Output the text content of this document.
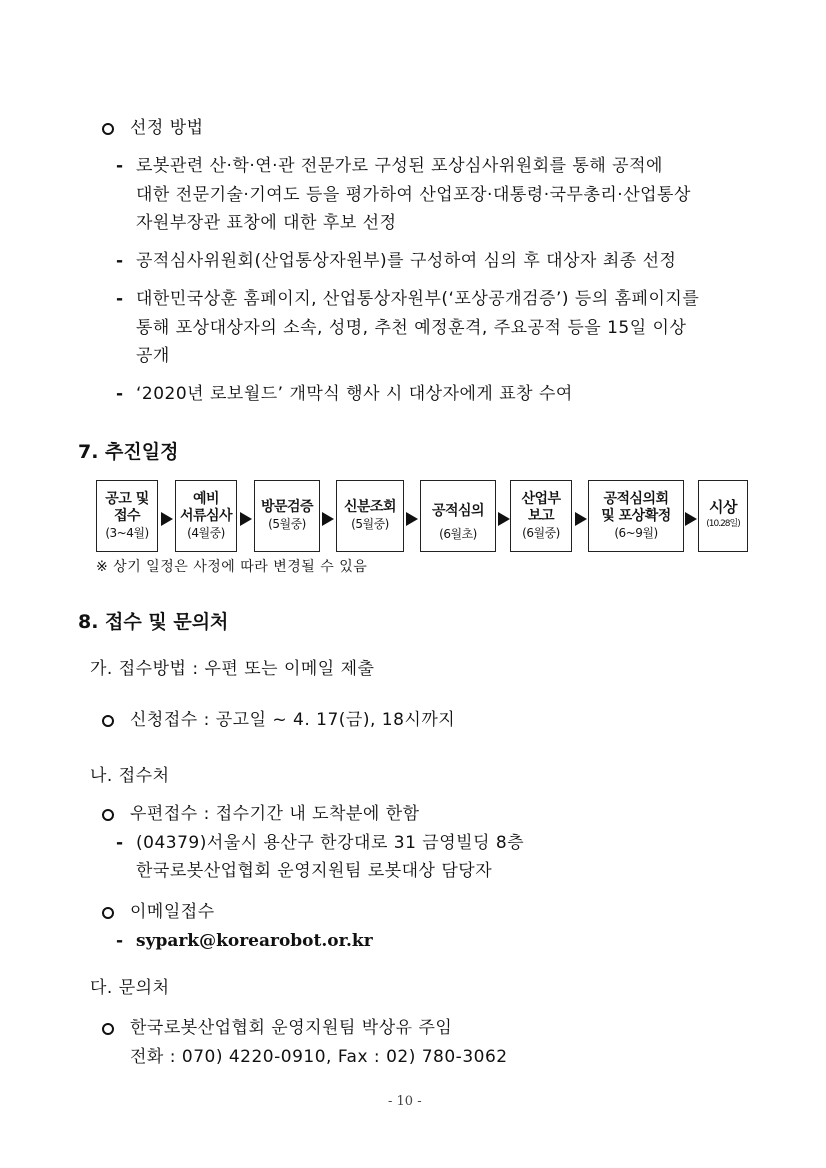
선정 방법
- 로봇관련 산·학·연·관 전문가로 구성된 포상심사위원회를 통해 공적에
대한 전문기술·기여도 등을 평가하여 산업포장·대통령·국무총리·산업통상
자원부장관 표창에 대한 후보 선정
- 공적심사위원회(산업통상자원부)를 구성하여 심의 후 대상자 최종 선정
- 대한민국상훈 홈페이지, 산업통상자원부(‘포상공개검증’) 등의 홈페이지를
통해 포상대상자의 소속, 성명, 추천 예정훈격, 주요공적 등을 15일 이상
공개
- ‘2020년 로보월드’ 개막식 행사 시 대상자에게 표창 수여
7. 추진일정
공고 및
접수
(3~4월)
예비
서류심사
(4월중)
방문검증
(5월중)
신분조회
(5월중)
공적심의
(6월초)
산업부
보고
(6월중)
공적심의회
및 포상확정
(6~9월)
시상
(10.28일)
※ 상기 일정은 사정에 따라 변경될 수 있음
8. 접수 및 문의처
가. 접수방법 : 우편 또는 이메일 제출
신청접수 : 공고일 ~ 4. 17(금), 18시까지
나. 접수처
우편접수 : 접수기간 내 도착분에 한함
- (04379)서울시 용산구 한강대로 31 금영빌딩 8층
한국로봇산업협회 운영지원팀 로봇대상 담당자
이메일접수
- sypark@korearobot.or.kr
다. 문의처
한국로봇산업협회 운영지원팀 박상유 주임
전화 : 070) 4220-0910, Fax : 02) 780-3062
- 10 -
